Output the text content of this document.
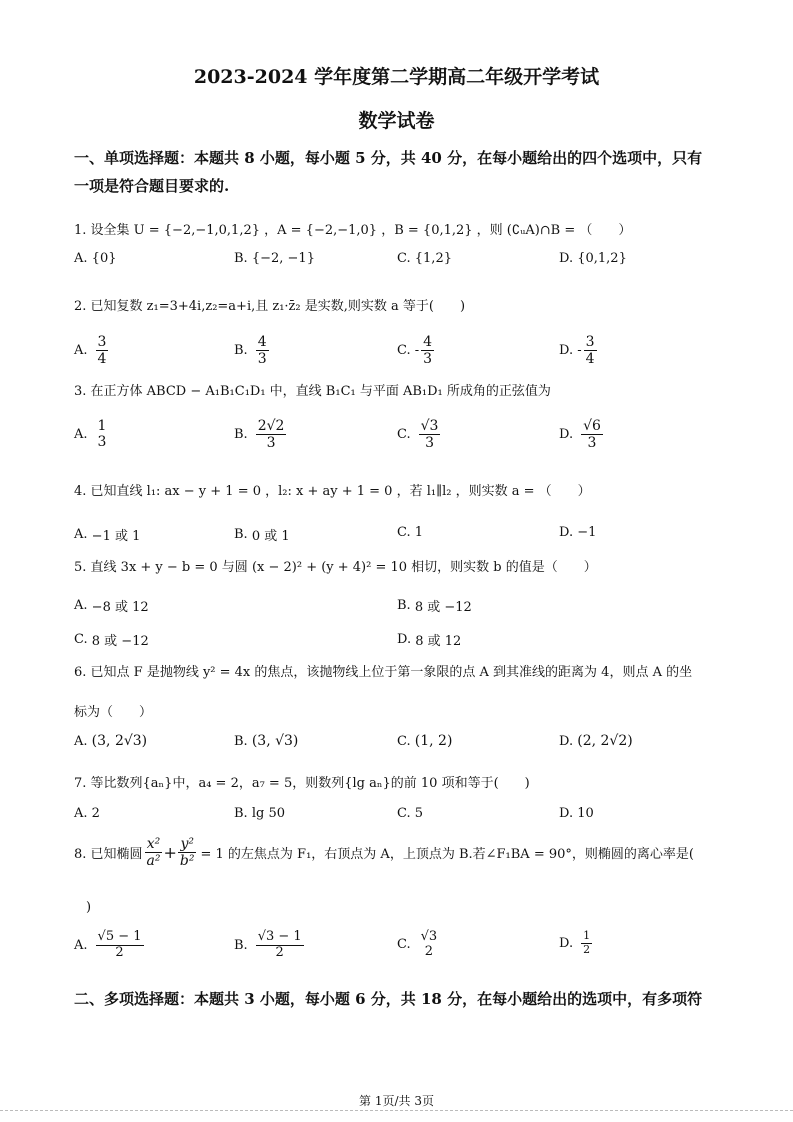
2023-2024 学年度第二学期高二年级开学考试
数学试卷
一、单项选择题：本题共 8 小题，每小题 5 分，共 40 分，在每小题给出的四个选项中，只有
一项是符合题目要求的.
1. 设全集 U = {−2,−1,0,1,2} ，A = {−2,−1,0} ，B = {0,1,2} ，则 (∁ᵤA)∩B = （　　）
A.
{0}	B.
{−2, −1}	C.
{1,2}	D.
{0,1,2}
2. 已知复数 z₁=3+4i,z₂=a+i,且 z₁·z̄₂ 是实数,则实数 a 等于(　　)
A. $\frac{3}{4}$	B. $\frac{4}{3}$	C.
- $\frac{4}{3}$	D.
- $\frac{3}{4}$
3. 在正方体 ABCD − A₁B₁C₁D₁ 中，直线 B₁C₁ 与平面 AB₁D₁ 所成角的正弦值为
A.
1
3	B. $\frac{2√2}{3}$	C. $\frac{√3}{3}$	D. $\frac{√6}{3}$
4. 已知直线 l₁: ax − y + 1 = 0 ，l₂: x + ay + 1 = 0 ，若 l₁∥l₂ ，则实数 a = （　　）
A.
−1 或 1	B.
0 或 1	C.
1	D.
−1
5. 直线 3x + y − b = 0 与圆 (x − 2)² + (y + 4)² = 10 相切，则实数 b 的值是（　　）
A.
−8 或 12	B.
8 或 −12
C.
8 或 −12	D.
8 或 12
6. 已知点 F 是抛物线 y² = 4x 的焦点，该抛物线上位于第一象限的点 A 到其准线的距离为 4，则点 A 的坐
标为（　　）
A.
(3, 2√3)	B.
(3, √3)	C.
(1, 2)	D.
(2, 2√2)
7. 等比数列{aₙ}中，a₄ = 2，a₇ = 5，则数列{lg aₙ}的前 10 项和等于(　　)
A.
2	B.
lg 50	C.
5	D.
10
8. 已知椭圆 $\frac{\text{x²}}{\text{a²}} + \frac{\text{y²}}{\text{b²}} = 1$ 的左焦点为 F₁，右顶点为 A，上顶点为 B.若∠F₁BA = 90°，则椭圆的离心率是(
)
A. $\frac{√5 - 1}{2}$	B. $\frac{√3 - 1}{2}$	C.
√3
2
D. $\frac{1}{2}$
二、多项选择题：本题共 3 小题，每小题 6 分，共 18 分，在每小题给出的选项中，有多项符
第 1页/共 3页
